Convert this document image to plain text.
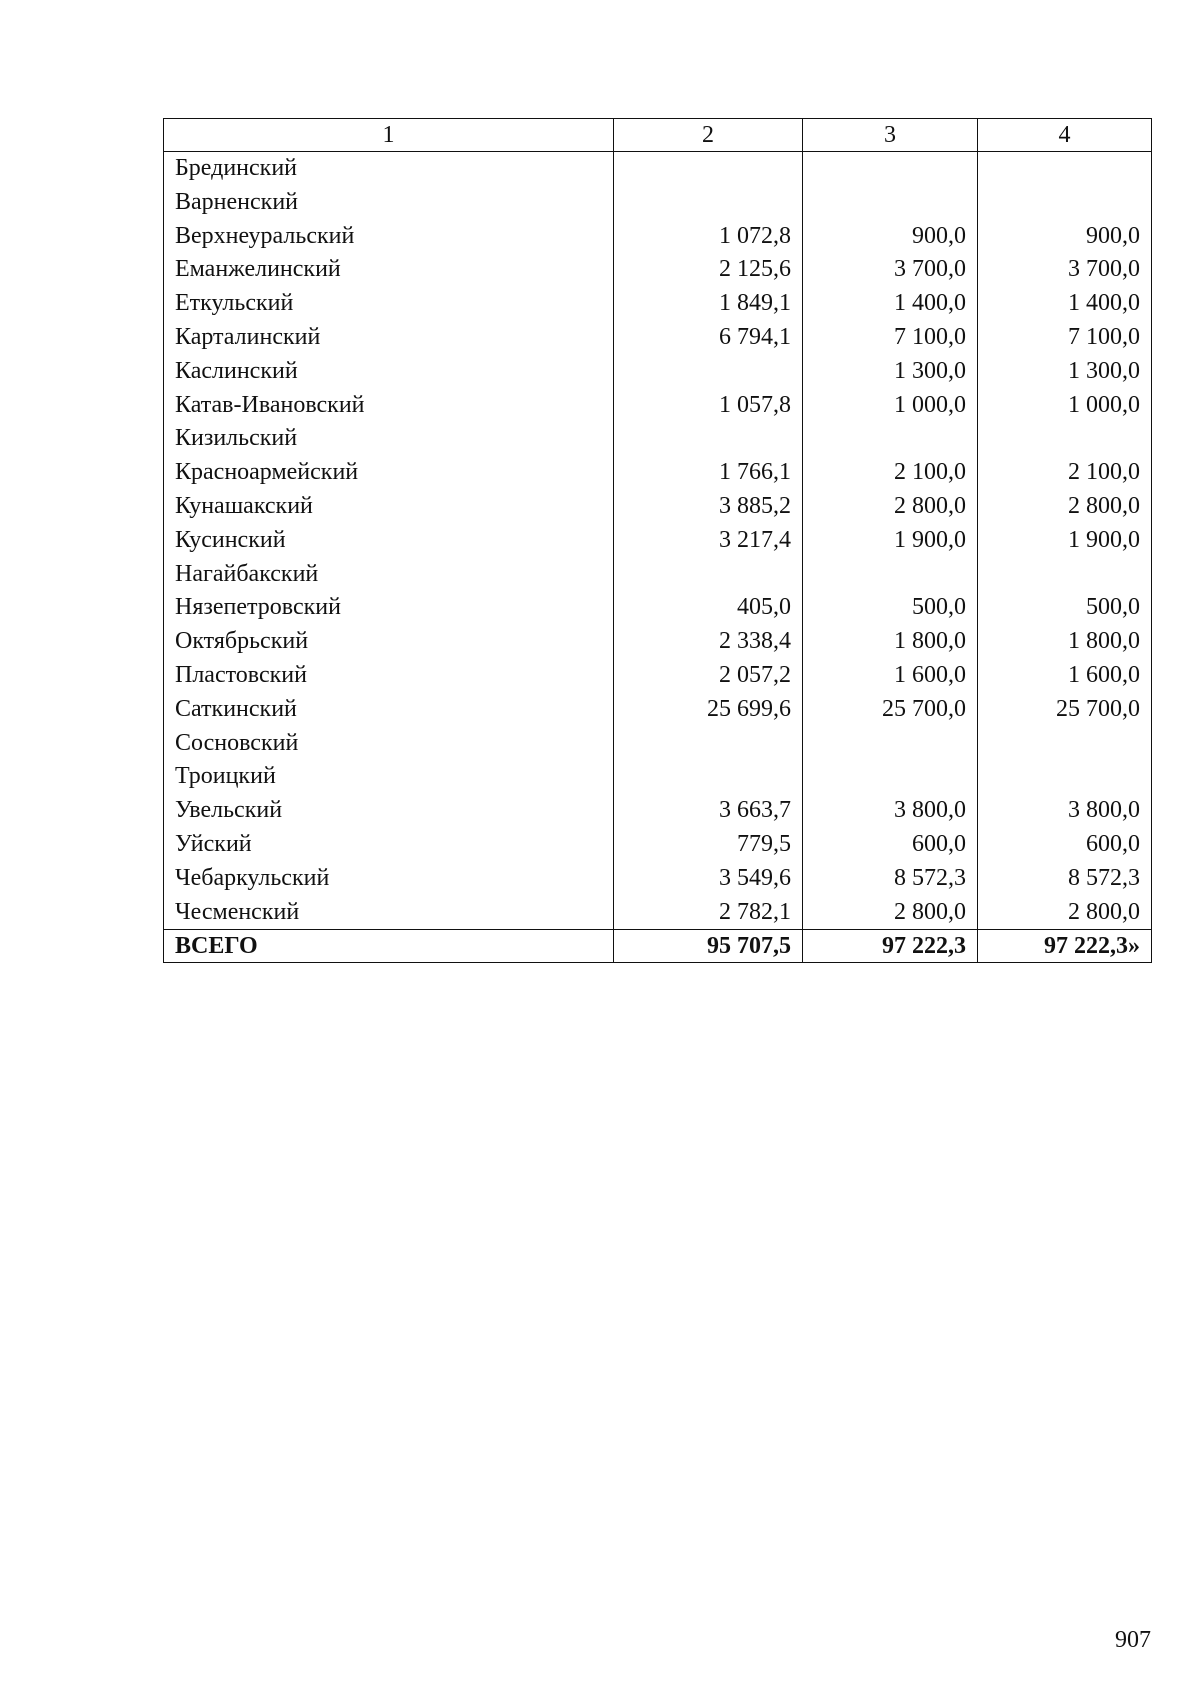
1	2	3	4
Брединский			
Варненский			
Верхнеуральский	1 072,8	900,0	900,0
Еманжелинский	2 125,6	3 700,0	3 700,0
Еткульский	1 849,1	1 400,0	1 400,0
Карталинский	6 794,1	7 100,0	7 100,0
Каслинский		1 300,0	1 300,0
Катав-Ивановский	1 057,8	1 000,0	1 000,0
Кизильский			
Красноармейский	1 766,1	2 100,0	2 100,0
Кунашакский	3 885,2	2 800,0	2 800,0
Кусинский	3 217,4	1 900,0	1 900,0
Нагайбакский			
Нязепетровский	405,0	500,0	500,0
Октябрьский	2 338,4	1 800,0	1 800,0
Пластовский	2 057,2	1 600,0	1 600,0
Саткинский	25 699,6	25 700,0	25 700,0
Сосновский			
Троицкий			
Увельский	3 663,7	3 800,0	3 800,0
Уйский	779,5	600,0	600,0
Чебаркульский	3 549,6	8 572,3	8 572,3
Чесменский	2 782,1	2 800,0	2 800,0
ВСЕГО	95 707,5	97 222,3	97 222,3»
907
